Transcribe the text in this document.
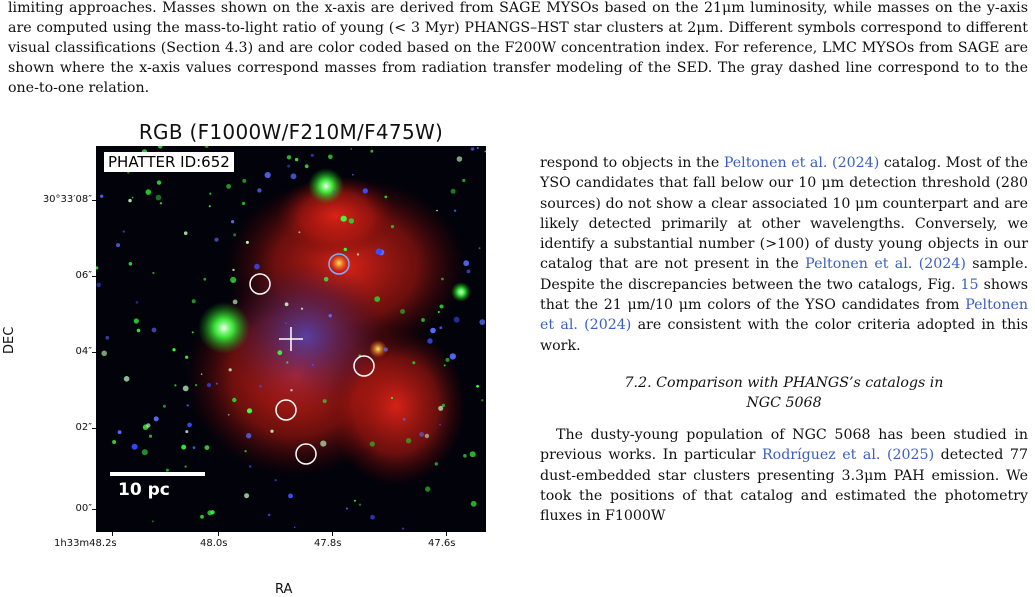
limiting approaches. Masses shown on the x-axis are derived from SAGE MYSOs based on the 21μm luminosity, while masses on the y-axis are computed using the mass-to-light ratio of young (< 3 Myr) PHANGS–HST star clusters at 2μm. Different symbols correspond to different visual classifications (Section 4.3) and are color coded based on the F200W concentration index. For reference, LMC MYSOs from SAGE are shown where the x-axis values correspond masses from radiation transfer modeling of the SED. The gray dashed line correspond to to the one-to-one relation.

RGB (F1000W/F210M/F475W)
PHATTER ID:652
10 pc
30°33′08″
06″
04″
02″
00″
1h33m48.2s	48.0s	47.8s	47.6s
DEC
RA

respond to objects in the Peltonen et al. (2024) catalog. Most of the YSO candidates that fall below our 10 μm detection threshold (280 sources) do not show a clear associated 10 μm counterpart and are likely detected primarily at other wavelengths. Conversely, we identify a substantial number (>100) of dusty young objects in our catalog that are not present in the Peltonen et al. (2024) sample. Despite the discrepancies between the two catalogs, Fig. 15 shows that the 21 μm/10 μm colors of the YSO candidates from Peltonen et al. (2024) are consistent with the color criteria adopted in this work.

7.2. Comparison with PHANGS’s catalogs in
NGC 5068

The dusty-young population of NGC 5068 has been studied in previous works. In particular Rodríguez et al. (2025) detected 77 dust-embedded star clusters presenting 3.3μm PAH emission. We took the positions of that catalog and estimated the photometry fluxes in F1000W
